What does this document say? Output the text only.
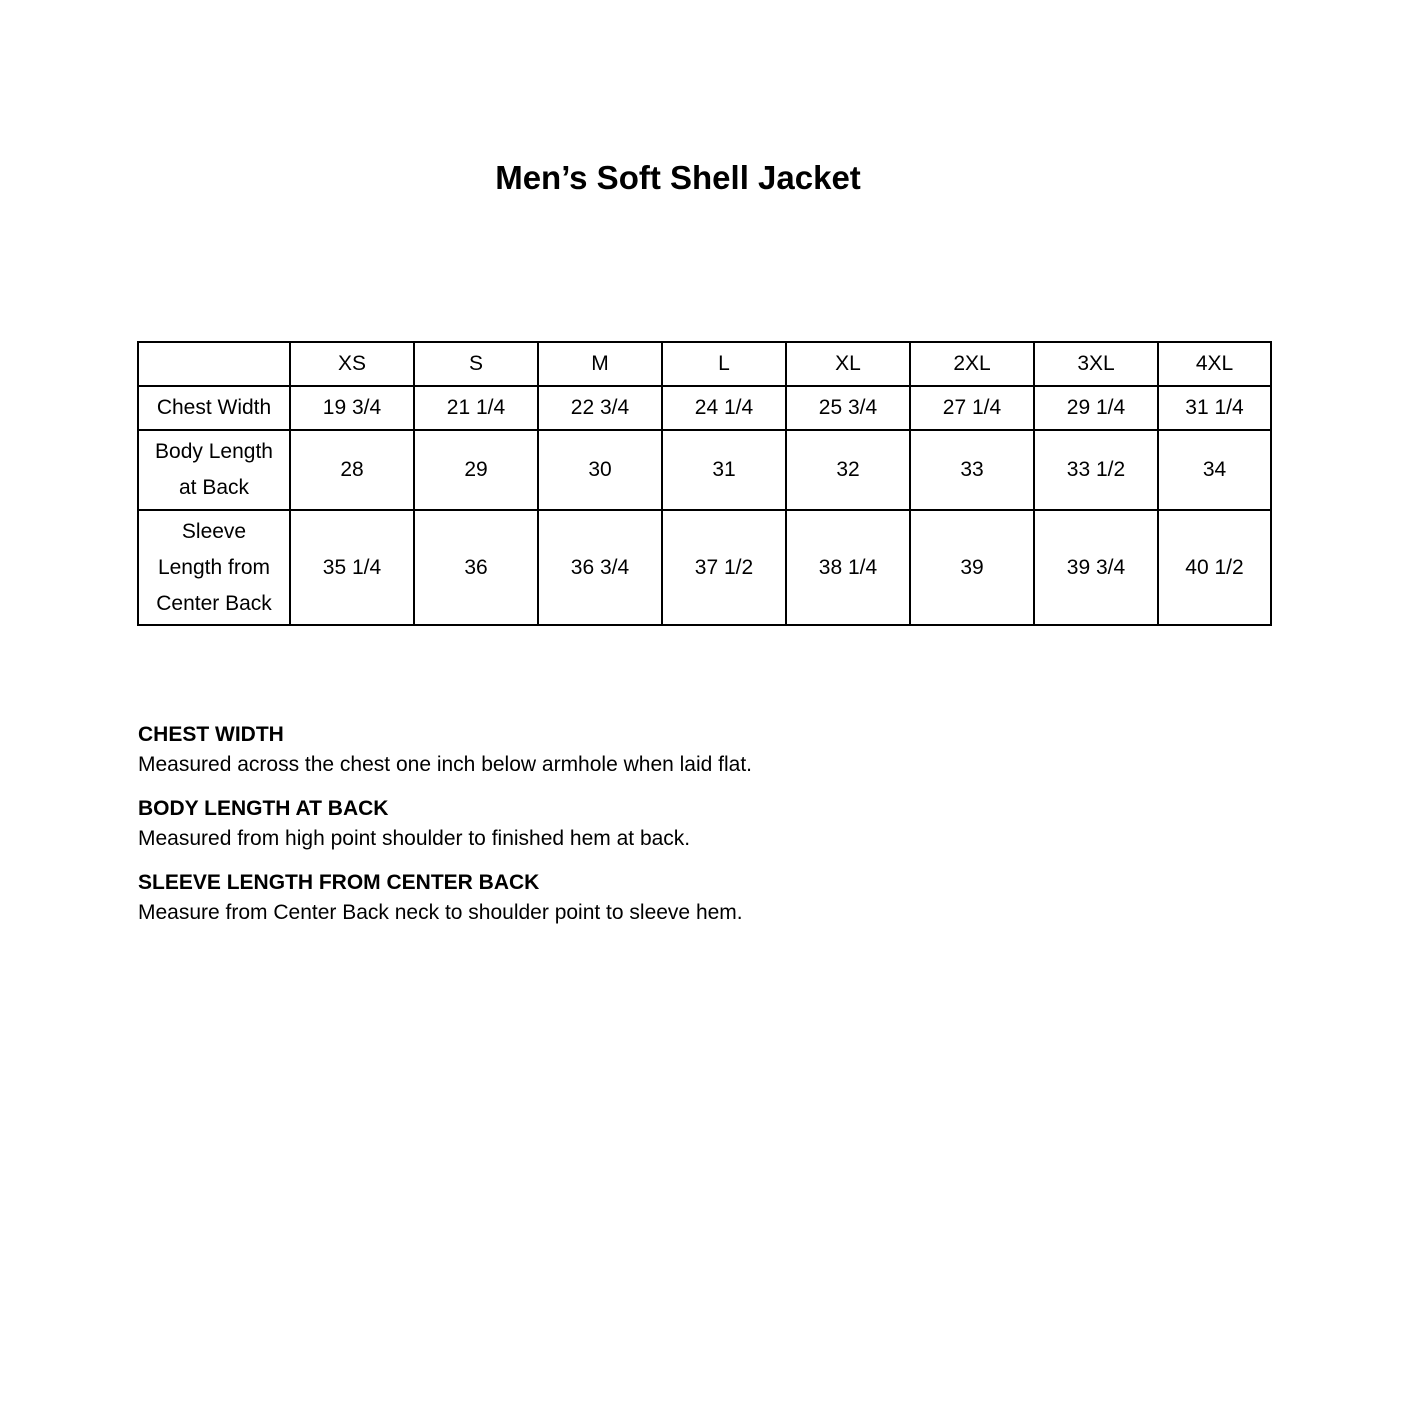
Men’s Soft Shell Jacket
	XS	S	M	L	XL	2XL	3XL	4XL
Chest Width	19 3/4	21 1/4	22 3/4	24 1/4	25 3/4	27 1/4	29 1/4	31 1/4
Body Length
at Back	28	29	30	31	32	33	33 1/2	34
Sleeve
Length from
Center Back	35 1/4	36	36 3/4	37 1/2	38 1/4	39	39 3/4	40 1/2

CHEST WIDTH

Measured across the chest one inch below armhole when laid flat.

BODY LENGTH AT BACK

Measured from high point shoulder to finished hem at back.

SLEEVE LENGTH FROM CENTER BACK

Measure from Center Back neck to shoulder point to sleeve hem.
